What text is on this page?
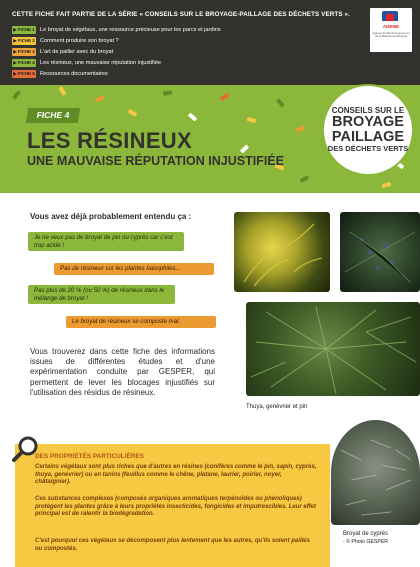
CETTE FICHE FAIT PARTIE DE LA SÉRIE « CONSEILS SUR LE BROYAGE-PAILLAGE DES DÉCHETS VERTS ».
▶ FICHE 1 Le broyat de végétaux, une ressource précieuse pour les parcs et jardins
▶ FICHE 2 Comment produire son broyat ?
▶ FICHE 3 L'art de pailler avec du broyat
▶ FICHE 4 Les résineux, une mauvaise réputation injustifiée
▶ FICHE 5 Ressources documentaires
ADEME
Agence de l'Environnement et de la Maîtrise de l'Énergie
FICHE 4
LES RÉSINEUX
UNE MAUVAISE RÉPUTATION INJUSTIFIÉE
CONSEILS SUR LE
BROYAGE
PAILLAGE
DES DÉCHETS VERTS
Vous avez déjà probablement entendu ça :
Je ne veux pas de broyat de pin ou cyprès car c'est trop acide !
Pas de résineux sur les plantes basophiles...
Pas plus de 20 % (ou 50 %) de résineux dans le mélange de broyat !
Le broyat de résineux se composte mal.
Vous trouverez dans cette fiche des informations issues de différentes études et d'une expérimentation conduite par GESPER, qui permettent de lever les blocages injustifiés sur l'utilisation des résidus de résineux.
Thuya, genévrier et pin
DES PROPRIÉTÉS PARTICULIÈRES
Certains végétaux sont plus riches que d'autres en résines (conifères comme le pin, sapin, cyprès, thuya, genévrier) ou en tanins (feuillus comme le chêne, platane, laurier, poirier, noyer, châtaignier).
Ces substances complexes (composés organiques aromatiques terpénoïdes ou phénoliques) protègent les plantes grâce à leurs propriétés insecticides, fongicides et imputrescibles. Leur effet principal est de ralentir la biodégradation.
C'est pourquoi ces végétaux se décomposent plus lentement que les autres, qu'ils soient paillés ou compostés.
Broyat de cyprès
- © Photo GESPER
